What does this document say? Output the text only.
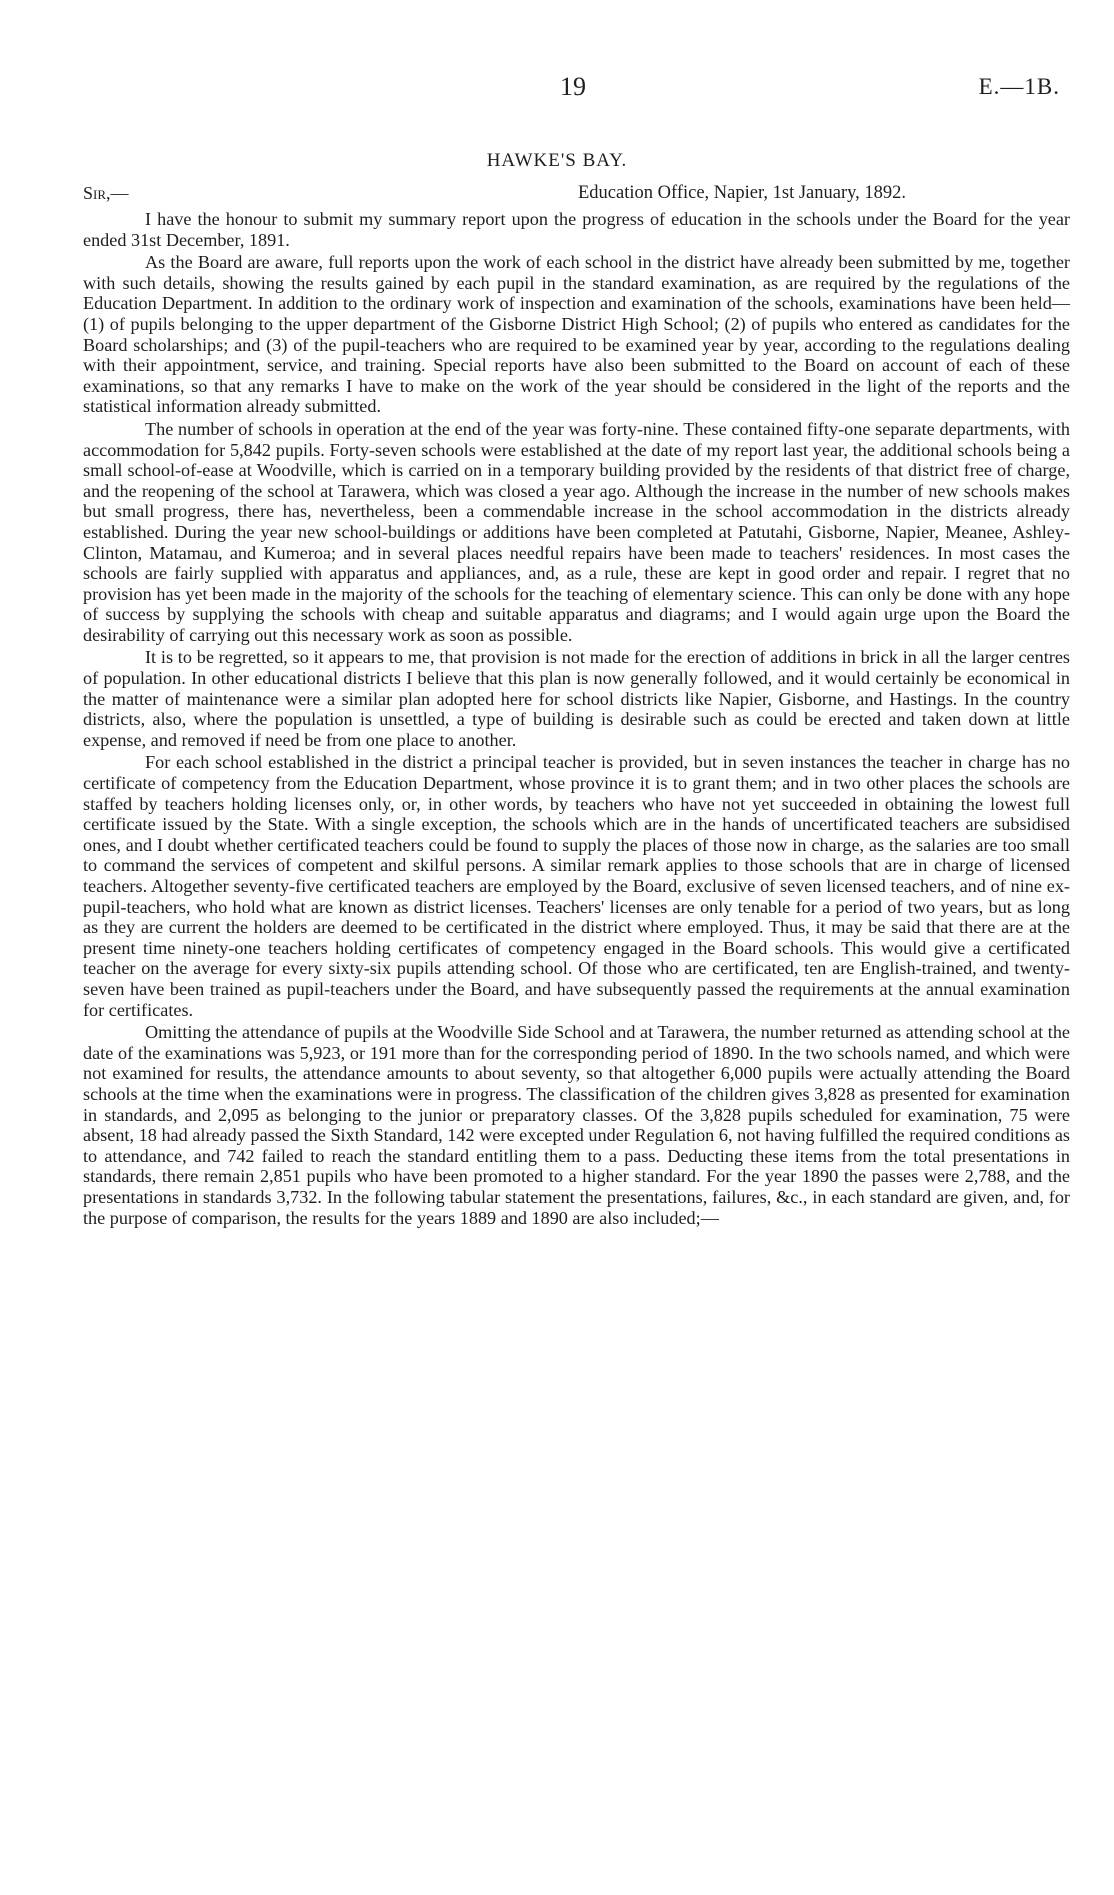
19	E.—1B.
HAWKE'S BAY.
Sir,—	Education Office, Napier, 1st January, 1892.

I have the honour to submit my summary report upon the progress of education in the schools under the Board for the year ended 31st December, 1891.

As the Board are aware, full reports upon the work of each school in the district have already been submitted by me, together with such details, showing the results gained by each pupil in the standard examination, as are required by the regulations of the Education Department. In addition to the ordinary work of inspection and examination of the schools, examinations have been held—(1) of pupils belonging to the upper department of the Gisborne District High School; (2) of pupils who entered as candidates for the Board scholarships; and (3) of the pupil-teachers who are required to be examined year by year, according to the regulations dealing with their appointment, service, and training. Special reports have also been submitted to the Board on account of each of these examinations, so that any remarks I have to make on the work of the year should be considered in the light of the reports and the statistical information already submitted.

The number of schools in operation at the end of the year was forty-nine. These contained fifty-one separate departments, with accommodation for 5,842 pupils. Forty-seven schools were established at the date of my report last year, the additional schools being a small school-of-ease at Woodville, which is carried on in a temporary building provided by the residents of that district free of charge, and the reopening of the school at Tarawera, which was closed a year ago. Although the increase in the number of new schools makes but small progress, there has, nevertheless, been a commendable increase in the school accommodation in the districts already established. During the year new school-buildings or additions have been completed at Patutahi, Gisborne, Napier, Meanee, Ashley-Clinton, Matamau, and Kumeroa; and in several places needful repairs have been made to teachers' residences. In most cases the schools are fairly supplied with apparatus and appliances, and, as a rule, these are kept in good order and repair. I regret that no provision has yet been made in the majority of the schools for the teaching of elementary science. This can only be done with any hope of success by supplying the schools with cheap and suitable apparatus and diagrams; and I would again urge upon the Board the desirability of carrying out this necessary work as soon as possible.

It is to be regretted, so it appears to me, that provision is not made for the erection of additions in brick in all the larger centres of population. In other educational districts I believe that this plan is now generally followed, and it would certainly be economical in the matter of maintenance were a similar plan adopted here for school districts like Napier, Gisborne, and Hastings. In the country districts, also, where the population is unsettled, a type of building is desirable such as could be erected and taken down at little expense, and removed if need be from one place to another.

For each school established in the district a principal teacher is provided, but in seven instances the teacher in charge has no certificate of competency from the Education Department, whose province it is to grant them; and in two other places the schools are staffed by teachers holding licenses only, or, in other words, by teachers who have not yet succeeded in obtaining the lowest full certificate issued by the State. With a single exception, the schools which are in the hands of uncertificated teachers are subsidised ones, and I doubt whether certificated teachers could be found to supply the places of those now in charge, as the salaries are too small to command the services of competent and skilful persons. A similar remark applies to those schools that are in charge of licensed teachers. Altogether seventy-five certificated teachers are employed by the Board, exclusive of seven licensed teachers, and of nine ex-pupil-teachers, who hold what are known as district licenses. Teachers' licenses are only tenable for a period of two years, but as long as they are current the holders are deemed to be certificated in the district where employed. Thus, it may be said that there are at the present time ninety-one teachers holding certificates of competency engaged in the Board schools. This would give a certificated teacher on the average for every sixty-six pupils attending school. Of those who are certificated, ten are English-trained, and twenty-seven have been trained as pupil-teachers under the Board, and have subsequently passed the requirements at the annual examination for certificates.

Omitting the attendance of pupils at the Woodville Side School and at Tarawera, the number returned as attending school at the date of the examinations was 5,923, or 191 more than for the corresponding period of 1890. In the two schools named, and which were not examined for results, the attendance amounts to about seventy, so that altogether 6,000 pupils were actually attending the Board schools at the time when the examinations were in progress. The classification of the children gives 3,828 as presented for examination in standards, and 2,095 as belonging to the junior or preparatory classes. Of the 3,828 pupils scheduled for examination, 75 were absent, 18 had already passed the Sixth Standard, 142 were excepted under Regulation 6, not having fulfilled the required conditions as to attendance, and 742 failed to reach the standard entitling them to a pass. Deducting these items from the total presentations in standards, there remain 2,851 pupils who have been promoted to a higher standard. For the year 1890 the passes were 2,788, and the presentations in standards 3,732. In the following tabular statement the presentations, failures, &c., in each standard are given, and, for the purpose of comparison, the results for the years 1889 and 1890 are also included;—
